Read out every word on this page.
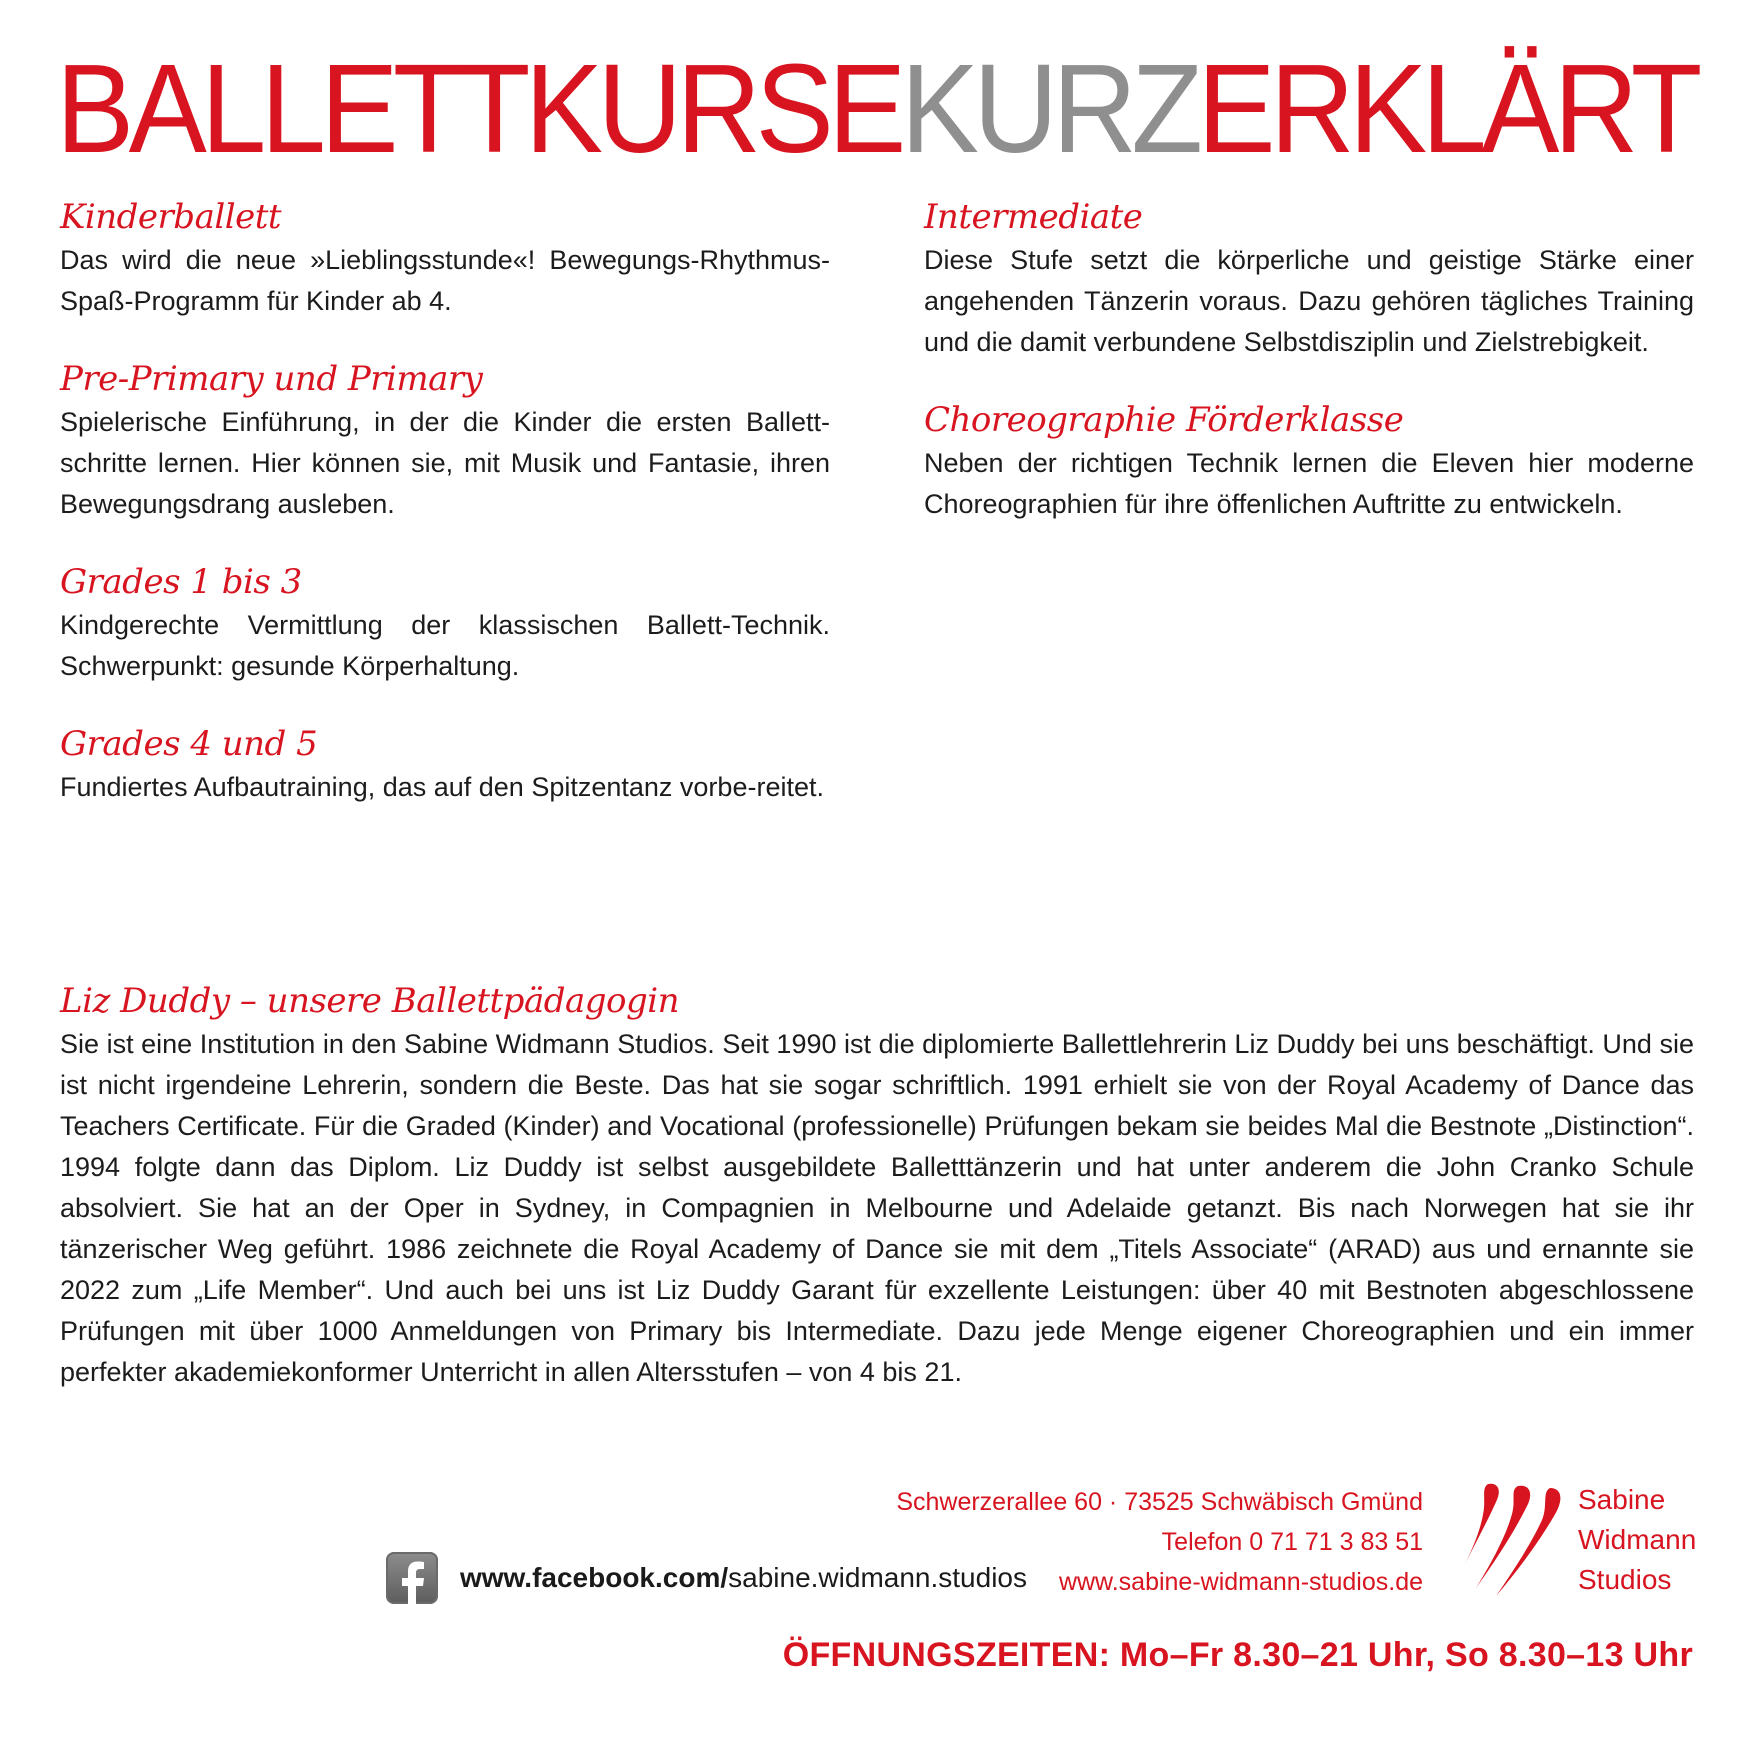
BALLETTKURSEKURZERKLÄRT
Kinderballett

Das wird die neue »Lieblingsstunde«! Bewegungs-Rhythmus-Spaß-Programm für Kinder ab 4.

Pre-Primary und Primary

Spielerische Einführung, in der die Kinder die ersten Ballett-schritte lernen. Hier können sie, mit Musik und Fantasie, ihren Bewegungsdrang ausleben.

Grades 1 bis 3

Kindgerechte Vermittlung der klassischen Ballett-Technik. Schwerpunkt: gesunde Körperhaltung.

Grades 4 und 5

Fundiertes Aufbautraining, das auf den Spitzentanz vorbe-reitet.

Intermediate

Diese Stufe setzt die körperliche und geistige Stärke einer angehenden Tänzerin voraus. Dazu gehören tägliches Training und die damit verbundene Selbstdisziplin und Zielstrebigkeit.

Choreographie Förderklasse

Neben der richtigen Technik lernen die Eleven hier moderne Choreographien für ihre öffenlichen Auftritte zu entwickeln.

Liz Duddy – unsere Ballettpädagogin

Sie ist eine Institution in den Sabine Widmann Studios. Seit 1990 ist die diplomierte Ballettlehrerin Liz Duddy bei uns beschäftigt. Und sie ist nicht irgendeine Lehrerin, sondern die Beste. Das hat sie sogar schriftlich. 1991 erhielt sie von der Royal Academy of Dance das Teachers Certificate. Für die Graded (Kinder) and Vocational (professionelle) Prüfungen bekam sie beides Mal die Bestnote „Distinction“. 1994 folgte dann das Diplom. Liz Duddy ist selbst ausgebildete Balletttänzerin und hat unter anderem die John Cranko Schule absolviert. Sie hat an der Oper in Sydney, in Compagnien in Melbourne und Adelaide getanzt. Bis nach Norwegen hat sie ihr tänzerischer Weg geführt. 1986 zeichnete die Royal Academy of Dance sie mit dem „Titels Associate“ (ARAD) aus und ernannte sie 2022 zum „Life Member“. Und auch bei uns ist Liz Duddy Garant für exzellente Leistungen: über 40 mit Bestnoten abgeschlossene Prüfungen mit über 1000 Anmeldungen von Primary bis Intermediate. Dazu jede Menge eigener Choreographien und ein immer perfekter akademiekonformer Unterricht in allen Altersstufen – von 4 bis 21.

www.facebook.com/sabine.widmann.studios
Schwerzerallee 60 · 73525 Schwäbisch Gmünd
Telefon 0 71 71 3 83 51
www.sabine-widmann-studios.de
Sabine
Widmann
Studios
ÖFFNUNGSZEITEN: Mo–Fr 8.30–21 Uhr, So 8.30–13 Uhr
